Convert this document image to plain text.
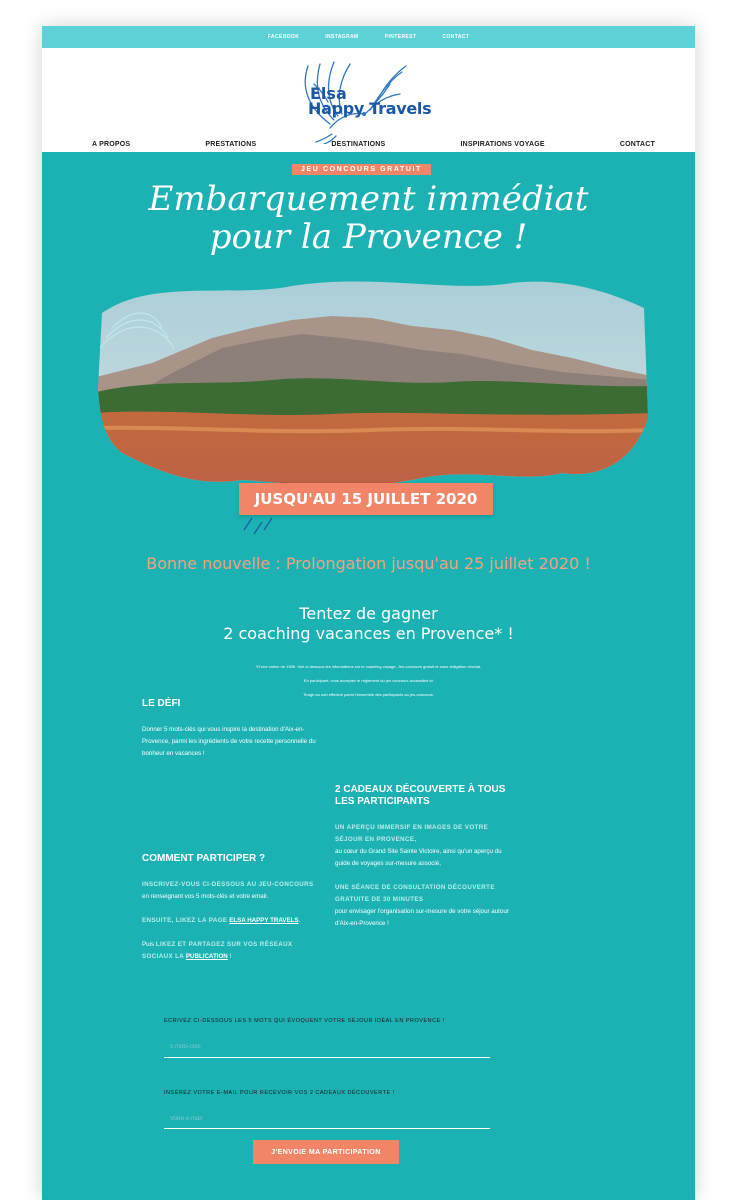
FACEBOOK	INSTAGRAM	PINTEREST	CONTACT
Elsa
Happy Travels
A PROPOS	PRESTATIONS	DESTINATIONS	INSPIRATIONS VOYAGE	CONTACT
JEU CONCOURS GRATUIT
Embarquement immédiat
pour la Provence !
JUSQU'AU 15 JUILLET 2020
Bonne nouvelle : Prolongation jusqu'au 25 juillet 2020 !
Tentez de gagner
2 coaching vacances en Provence* !
*D'une valeur de 150€. Voir ci-dessous les informations sur le coaching voyage. Jeu-concours gratuit et sans obligation d'achat.
En participant, vous acceptez le règlement du jeu concours accessible ici
Tirage au sort effectué parmi l'ensemble des participants au jeu-concours.
LE DÉFI

Donner 5 mots-clés qui vous inspire la destination d'Aix-en-Provence, parmi les ingrédients de votre recette personnelle du bonheur en vacances !

COMMENT PARTICIPER ?

INSCRIVEZ-VOUS CI-DESSOUS AU JEU-CONCOURS
en renseignant vos 5 mots-clés et votre email.

ENSUITE, LIKEZ LA PAGE ELSA HAPPY TRAVELS.

Puis LIKEZ ET PARTAGEZ SUR VOS RÉSEAUX SOCIAUX LA PUBLICATION !

2 CADEAUX DÉCOUVERTE À TOUS LES PARTICIPANTS

UN APERÇU IMMERSIF EN IMAGES DE VOTRE SÉJOUR EN PROVENCE,
au cœur du Grand Site Sainte Victoire, ainsi qu'un aperçu du guide de voyages sur-mesure associé,

UNE SÉANCE DE CONSULTATION DÉCOUVERTE GRATUITE DE 30 MINUTES
pour envisager l'organisation sur-mesure de votre séjour autour d'Aix-en-Provence !

ECRIVEZ CI-DESSOUS LES 5 MOTS QUI ÉVOQUENT VOTRE SÉJOUR IDÉAL EN PROVENCE !
5 mots-clés
INSÉREZ VOTRE E-MAIL POUR RECEVOIR VOS 2 CADEAUX DÉCOUVERTE !
Votre e-mail
J'ENVOIE MA PARTICIPATION
